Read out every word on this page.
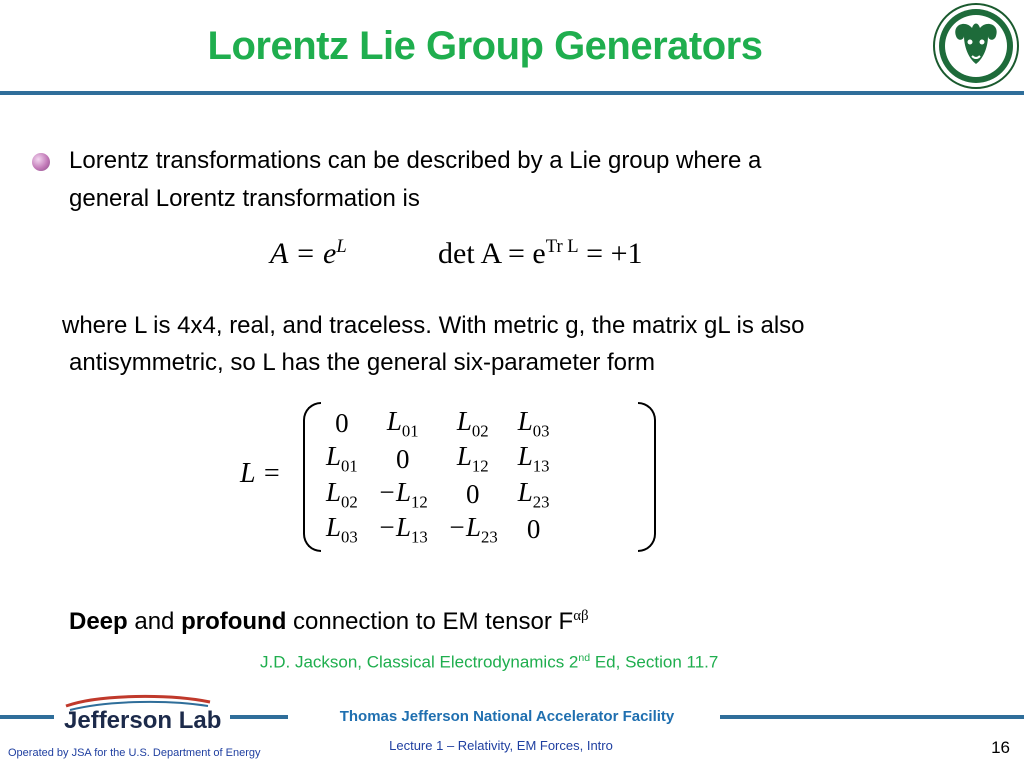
Lorentz Lie Group Generators
Lorentz transformations can be described by a Lie group where a
general Lorentz transformation is
$A = e^L$	$\det A = e^{Tr L} = +1$
where L is 4x4, real, and traceless. With metric g, the matrix gL is also
antisymmetric, so L has the general six-parameter form
L =
0	$L_{01}$	$L_{02}$	$L_{03}$
$L_{01}$	0	$L_{12}$	$L_{13}$
$L_{02}$	$-L_{12}$	0	$L_{23}$
$L_{03}$	$-L_{13}$	$-L_{23}$	0
Deep and profound connection to EM tensor $F^{\alpha\beta}$
J.D. Jackson, Classical Electrodynamics 2nd Ed, Section 11.7
Jefferson Lab	Thomas Jefferson National Accelerator Facility
Operated by JSA for the U.S. Department of Energy	Lecture 1 – Relativity, EM Forces, Intro	16
